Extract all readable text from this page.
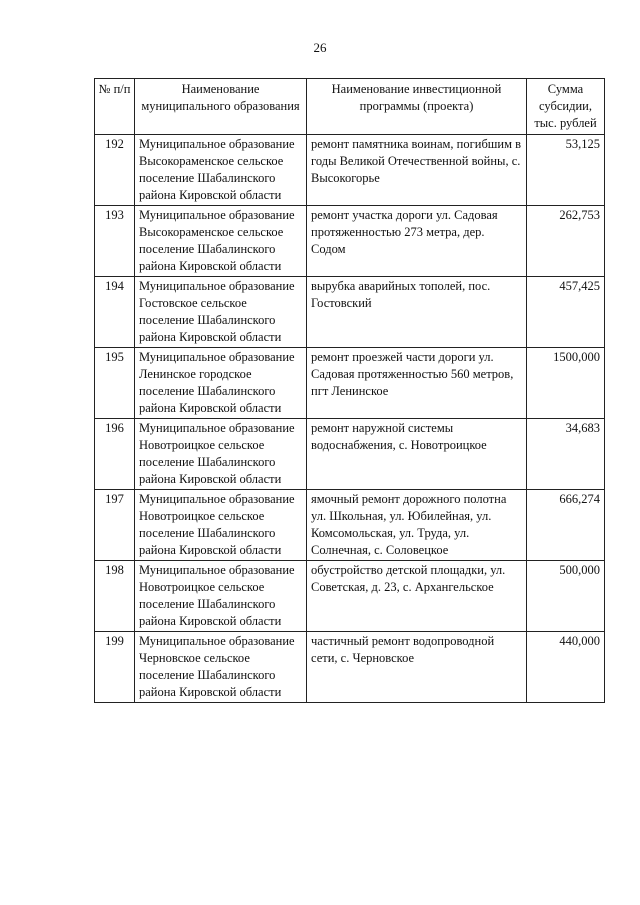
26
№ п/п	Наименование муниципального образования	Наименование инвестиционной программы (проекта)	Сумма субсидии, тыс. рублей
192	Муниципальное образование Высокораменское сельское поселение Шабалинского района Кировской области	ремонт памятника воинам, погибшим в годы Великой Отечественной войны, с. Высокогорье	53,125
193	Муниципальное образование Высокораменское сельское поселение Шабалинского района Кировской области	ремонт участка дороги ул. Садовая протяженностью 273 метра, дер. Содом	262,753
194	Муниципальное образование Гостовское сельское поселение Шабалинского района Кировской области	вырубка аварийных тополей, пос. Гостовский	457,425
195	Муниципальное образование Ленинское городское поселение Шабалинского района Кировской области	ремонт проезжей части дороги ул. Садовая протяженностью 560 метров, пгт Ленинское	1500,000
196	Муниципальное образование Новотроицкое сельское поселение Шабалинского района Кировской области	ремонт наружной системы водоснабжения, с. Новотроицкое	34,683
197	Муниципальное образование Новотроицкое сельское поселение Шабалинского района Кировской области	ямочный ремонт дорожного полотна ул. Школьная, ул. Юбилейная, ул. Комсомольская, ул. Труда, ул. Солнечная, с. Соловецкое	666,274
198	Муниципальное образование Новотроицкое сельское поселение Шабалинского района Кировской области	обустройство детской площадки, ул. Советская, д. 23, с. Архангельское	500,000
199	Муниципальное образование Черновское сельское поселение Шабалинского района Кировской области	частичный ремонт водопроводной сети, с. Черновское	440,000
